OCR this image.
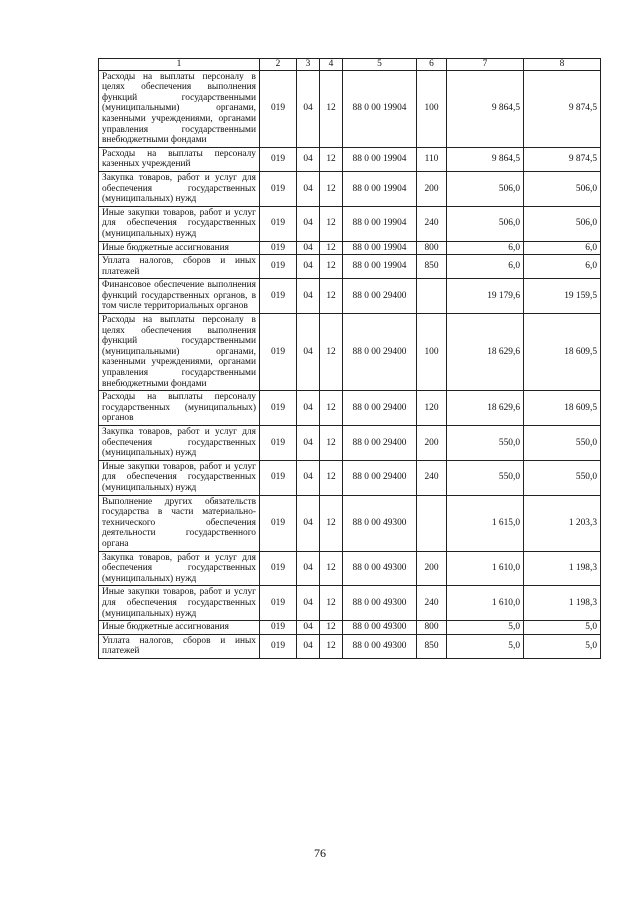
1	2	3	4	5	6	7	8
Расходы на выплаты персоналу в целях обеспечения выполнения функций государственными (муниципальными) органами, казенными учреждениями, органами управления государственными внебюджетными фондами	019	04	12	88 0 00 19904	100	9 864,5	9 874,5
Расходы на выплаты персоналу казенных учреждений	019	04	12	88 0 00 19904	110	9 864,5	9 874,5
Закупка товаров, работ и услуг для обеспечения государственных (муниципальных) нужд	019	04	12	88 0 00 19904	200	506,0	506,0
Иные закупки товаров, работ и услуг для обеспечения государственных (муниципальных) нужд	019	04	12	88 0 00 19904	240	506,0	506,0
Иные бюджетные ассигнования	019	04	12	88 0 00 19904	800	6,0	6,0
Уплата налогов, сборов и иных платежей	019	04	12	88 0 00 19904	850	6,0	6,0
Финансовое обеспечение выполнения функций государственных органов, в том числе территориальных органов	019	04	12	88 0 00 29400		19 179,6	19 159,5
Расходы на выплаты персоналу в целях обеспечения выполнения функций государственными (муниципальными) органами, казенными учреждениями, органами управления государственными внебюджетными фондами	019	04	12	88 0 00 29400	100	18 629,6	18 609,5
Расходы на выплаты персоналу государственных (муниципальных) органов	019	04	12	88 0 00 29400	120	18 629,6	18 609,5
Закупка товаров, работ и услуг для обеспечения государственных (муниципальных) нужд	019	04	12	88 0 00 29400	200	550,0	550,0
Иные закупки товаров, работ и услуг для обеспечения государственных (муниципальных) нужд	019	04	12	88 0 00 29400	240	550,0	550,0
Выполнение других обязательств государства в части материально-технического обеспечения деятельности государственного органа	019	04	12	88 0 00 49300		1 615,0	1 203,3
Закупка товаров, работ и услуг для обеспечения государственных (муниципальных) нужд	019	04	12	88 0 00 49300	200	1 610,0	1 198,3
Иные закупки товаров, работ и услуг для обеспечения государственных (муниципальных) нужд	019	04	12	88 0 00 49300	240	1 610,0	1 198,3
Иные бюджетные ассигнования	019	04	12	88 0 00 49300	800	5,0	5,0
Уплата налогов, сборов и иных платежей	019	04	12	88 0 00 49300	850	5,0	5,0
76
